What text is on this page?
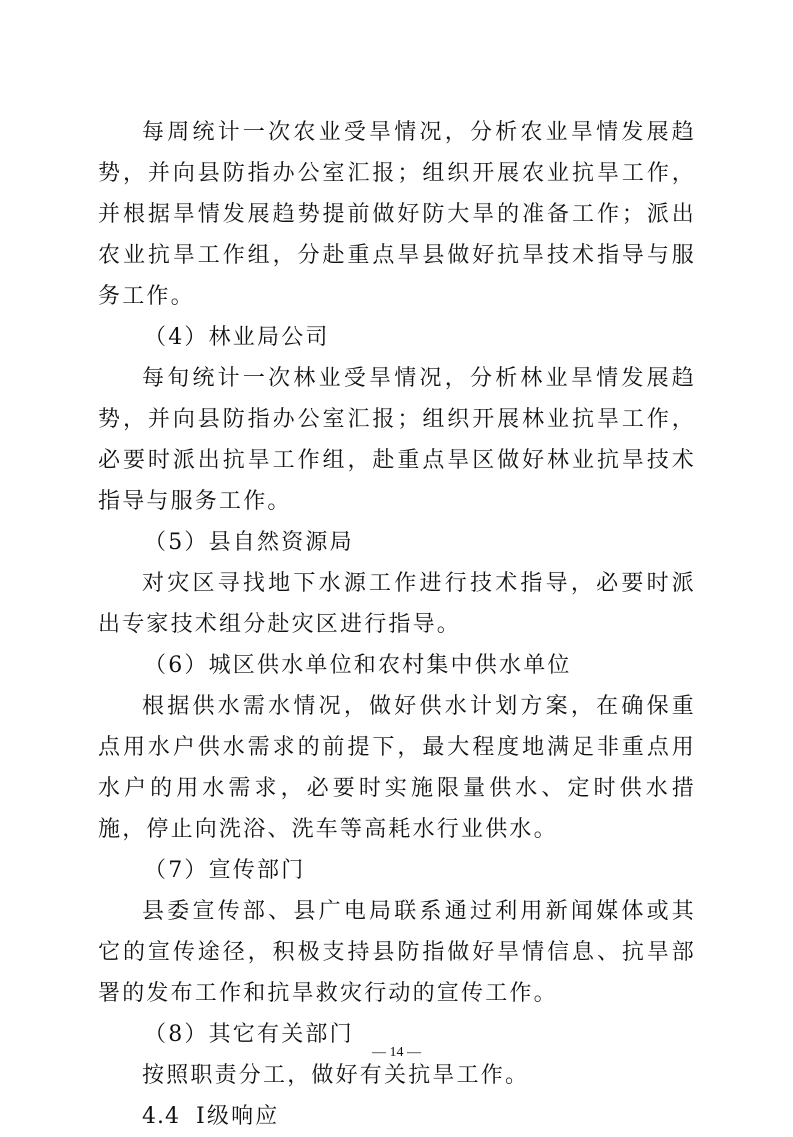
每周统计一次农业受旱情况，分析农业旱情发展趋势，并向县防指办公室汇报；组织开展农业抗旱工作，并根据旱情发展趋势提前做好防大旱的准备工作；派出农业抗旱工作组，分赴重点旱县做好抗旱技术指导与服务工作。

（4）林业局公司

每旬统计一次林业受旱情况，分析林业旱情发展趋势，并向县防指办公室汇报；组织开展林业抗旱工作，必要时派出抗旱工作组，赴重点旱区做好林业抗旱技术指导与服务工作。

（5）县自然资源局

对灾区寻找地下水源工作进行技术指导，必要时派出专家技术组分赴灾区进行指导。

（6）城区供水单位和农村集中供水单位

根据供水需水情况，做好供水计划方案，在确保重点用水户供水需求的前提下，最大程度地满足非重点用水户的用水需求，必要时实施限量供水、定时供水措施，停止向洗浴、洗车等高耗水行业供水。

（7）宣传部门

县委宣传部、县广电局联系通过利用新闻媒体或其它的宣传途径，积极支持县防指做好旱情信息、抗旱部署的发布工作和抗旱救灾行动的宣传工作。

（8）其它有关部门

按照职责分工，做好有关抗旱工作。

4.4 Ⅰ级响应

— 14 —
